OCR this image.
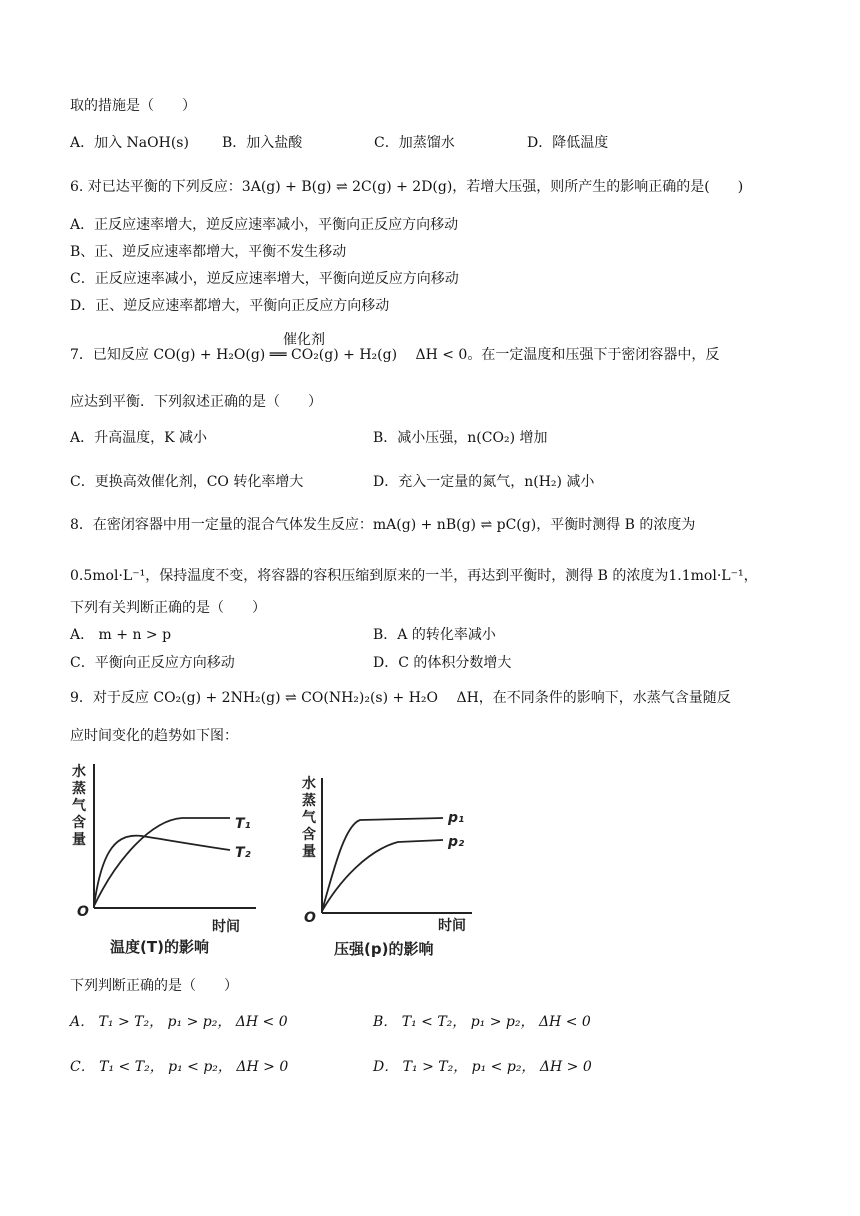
取的措施是（　　）
A．加入 NaOH(s) B．加入盐酸	C．加蒸馏水	D．降低温度
6. 对已达平衡的下列反应：3A(g) + B(g) ⇌ 2C(g) + 2D(g)，若增大压强，则所产生的影响正确的是(　　)
A．正反应速率增大，逆反应速率减小，平衡向正反应方向移动
B、正、逆反应速率都增大，平衡不发生移动
C．正反应速率减小，逆反应速率增大，平衡向逆反应方向移动
D．正、逆反应速率都增大，平衡向正反应方向移动
催化剂
7．已知反应 CO(g) + H₂O(g) ══ CO₂(g) + H₂(g)　 ΔH < 0。在一定温度和压强下于密闭容器中，反
应达到平衡．下列叙述正确的是（　　）
A．升高温度，K 减小	B．减小压强，n(CO₂) 增加
C．更换高效催化剂，CO 转化率增大	D．充入一定量的氮气，n(H₂) 减小
8．在密闭容器中用一定量的混合气体发生反应：mA(g) + nB(g) ⇌ pC(g)，平衡时测得 B 的浓度为
0.5mol·L⁻¹，保持温度不变，将容器的容积压缩到原来的一半，再达到平衡时，测得 B 的浓度为1.1mol·L⁻¹，
下列有关判断正确的是（　　）
A． m + n > p	B．A 的转化率减小
C．平衡向正反应方向移动	D．C 的体积分数增大
9．对于反应 CO₂(g) + 2NH₂(g) ⇌ CO(NH₂)₂(s) + H₂O　 ΔH，在不同条件的影响下，水蒸气含量随反
应时间变化的趋势如下图：
水
蒸
气
含
量
O
时间
温度(T)的影响
T₁
T₂
水
蒸
气
含
量
O	时间
压强(p)的影响
p₁
p₂
下列判断正确的是（　　）
A． T₁ > T₂， p₁ > p₂， ΔH < 0	B． T₁ < T₂， p₁ > p₂， ΔH < 0
C． T₁ < T₂， p₁ < p₂， ΔH > 0	D． T₁ > T₂， p₁ < p₂， ΔH > 0
